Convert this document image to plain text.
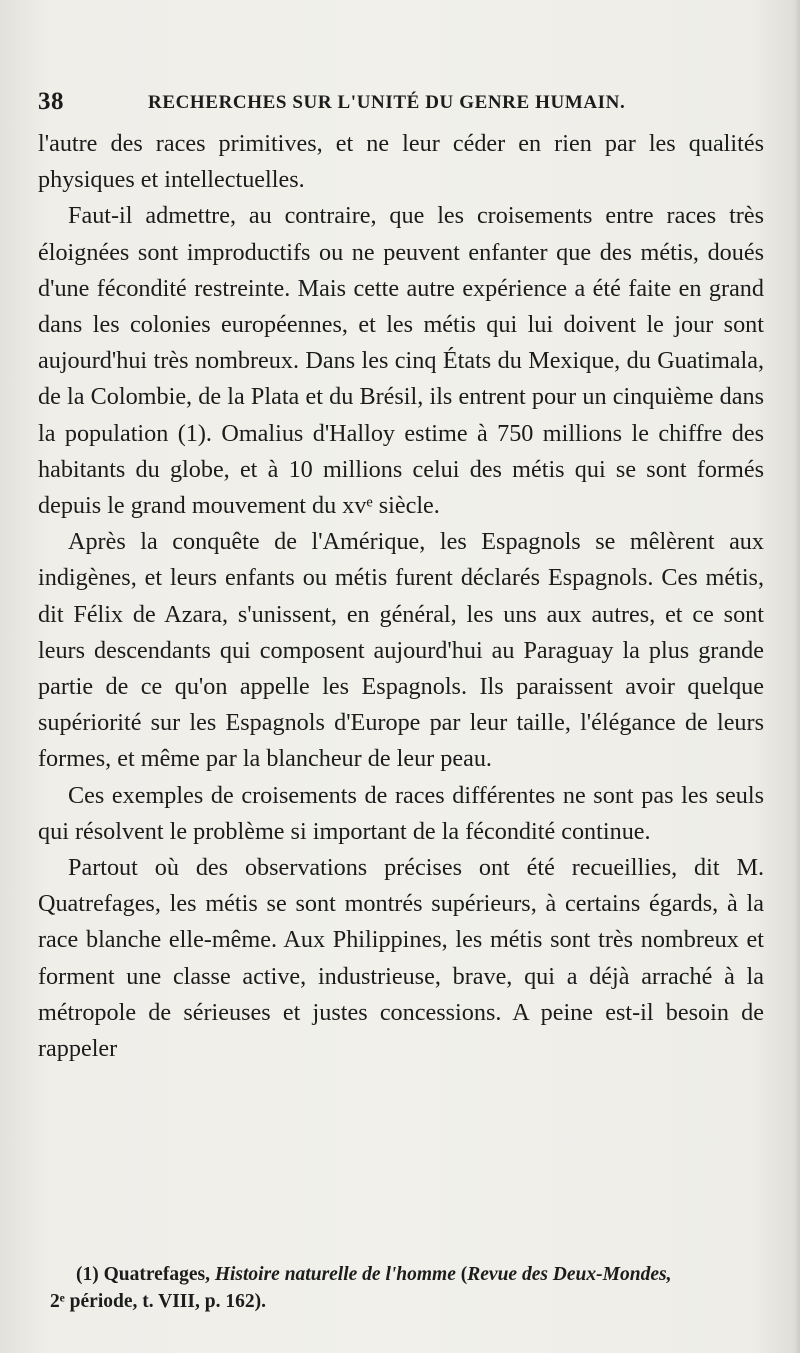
38	RECHERCHES SUR L'UNITÉ DU GENRE HUMAIN.

l'autre des races primitives, et ne leur céder en rien par les qualités physiques et intellectuelles.

Faut-il admettre, au contraire, que les croisements entre races très éloignées sont improductifs ou ne peuvent enfanter que des métis, doués d'une fécondité restreinte. Mais cette autre expérience a été faite en grand dans les colonies européennes, et les métis qui lui doivent le jour sont aujourd'hui très nombreux. Dans les cinq États du Mexique, du Guatimala, de la Colombie, de la Plata et du Brésil, ils entrent pour un cinquième dans la population (1). Omalius d'Halloy estime à 750 millions le chiffre des habitants du globe, et à 10 millions celui des métis qui se sont formés depuis le grand mouvement du xvᵉ siècle.

Après la conquête de l'Amérique, les Espagnols se mêlèrent aux indigènes, et leurs enfants ou métis furent déclarés Espagnols. Ces métis, dit Félix de Azara, s'unissent, en général, les uns aux autres, et ce sont leurs descendants qui composent aujourd'hui au Paraguay la plus grande partie de ce qu'on appelle les Espagnols. Ils paraissent avoir quelque supériorité sur les Espagnols d'Europe par leur taille, l'élégance de leurs formes, et même par la blancheur de leur peau.

Ces exemples de croisements de races différentes ne sont pas les seuls qui résolvent le problème si important de la fécondité continue.

Partout où des observations précises ont été recueillies, dit M. Quatrefages, les métis se sont montrés supérieurs, à certains égards, à la race blanche elle-même. Aux Philippines, les métis sont très nombreux et forment une classe active, industrieuse, brave, qui a déjà arraché à la métropole de sérieuses et justes concessions. A peine est-il besoin de rappeler

(1) Quatrefages, Histoire naturelle de l'homme (Revue des Deux-Mondes,
2ᵉ période, t. VIII, p. 162).
